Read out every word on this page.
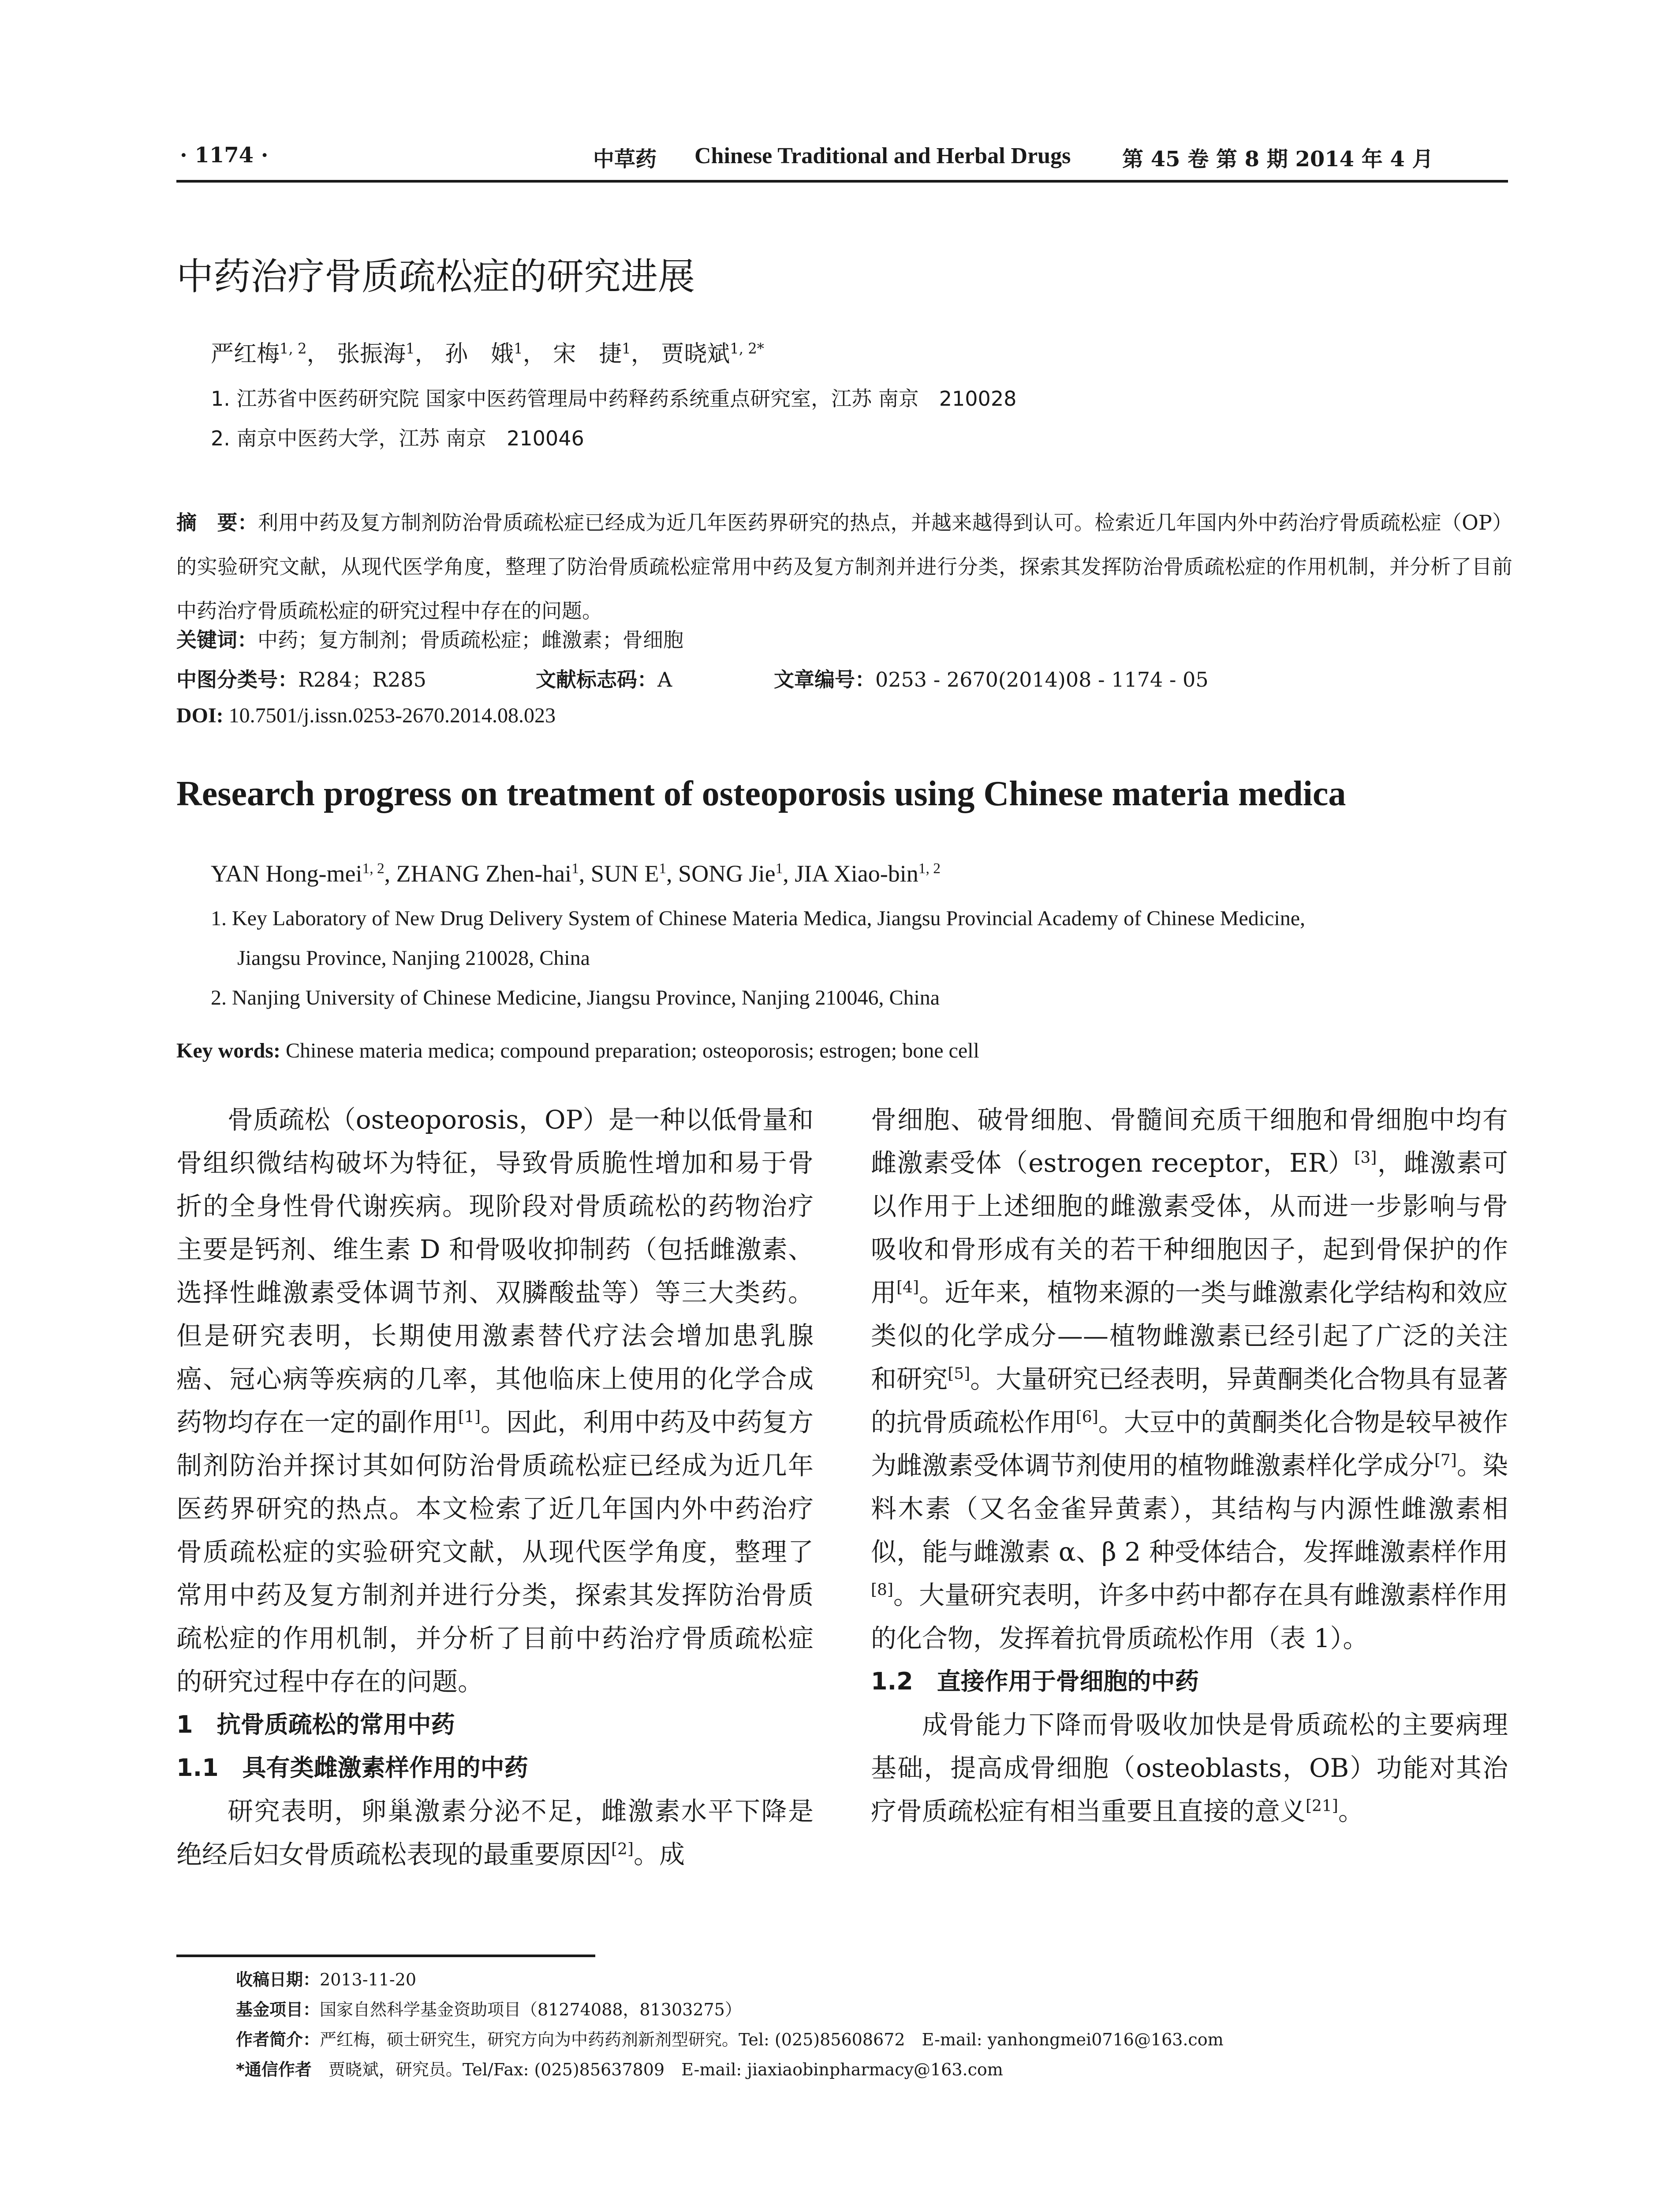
· 1174 ·	中草药 Chinese Traditional and Herbal Drugs 第 45 卷 第 8 期 2014 年 4 月
中药治疗骨质疏松症的研究进展
严红梅$^{1, 2}$， 张振海$^1$， 孙　娥$^1$， 宋　捷$^1$， 贾晓斌$^{1, 2*}$
1. 江苏省中医药研究院 国家中医药管理局中药释药系统重点研究室，江苏 南京　210028
2. 南京中医药大学，江苏 南京　210046
摘　要：利用中药及复方制剂防治骨质疏松症已经成为近几年医药界研究的热点，并越来越得到认可。检索近几年国内外中药治疗骨质疏松症（OP）的实验研究文献，从现代医学角度，整理了防治骨质疏松症常用中药及复方制剂并进行分类，探索其发挥防治骨质疏松症的作用机制，并分析了目前中药治疗骨质疏松症的研究过程中存在的问题。
关键词：中药；复方制剂；骨质疏松症；雌激素；骨细胞
中图分类号：R284；R285	文献标志码：A	文章编号：0253 - 2670(2014)08 - 1174 - 05
DOI: 10.7501/j.issn.0253-2670.2014.08.023
Research progress on treatment of osteoporosis using Chinese materia medica
YAN Hong-mei$^{1, 2}$, ZHANG Zhen-hai$^1$, SUN $E^1$, SONG Jie$^1$, JIA Xiao-bin$^{1, 2}$
1. Key Laboratory of New Drug Delivery System of Chinese Materia Medica, Jiangsu Provincial Academy of Chinese Medicine,
Jiangsu Province, Nanjing 210028, China
2. Nanjing University of Chinese Medicine, Jiangsu Province, Nanjing 210046, China
Key words: Chinese materia medica; compound preparation; osteoporosis; estrogen; bone cell

骨质疏松（osteoporosis，OP）是一种以低骨量和骨组织微结构破坏为特征，导致骨质脆性增加和易于骨折的全身性骨代谢疾病。现阶段对骨质疏松的药物治疗主要是钙剂、维生素 D 和骨吸收抑制药（包括雌激素、选择性雌激素受体调节剂、双膦酸盐等）等三大类药。但是研究表明，长期使用激素替代疗法会增加患乳腺癌、冠心病等疾病的几率，其他临床上使用的化学合成药物均存在一定的副作用[1]。因此，利用中药及中药复方制剂防治并探讨其如何防治骨质疏松症已经成为近几年医药界研究的热点。本文检索了近几年国内外中药治疗骨质疏松症的实验研究文献，从现代医学角度，整理了常用中药及复方制剂并进行分类，探索其发挥防治骨质疏松症的作用机制，并分析了目前中药治疗骨质疏松症的研究过程中存在的问题。

1　抗骨质疏松的常用中药
1.1　具有类雌激素样作用的中药

研究表明，卵巢激素分泌不足，雌激素水平下降是绝经后妇女骨质疏松表现的最重要原因[2]。成

骨细胞、破骨细胞、骨髓间充质干细胞和骨细胞中均有雌激素受体（estrogen receptor，ER）[3]，雌激素可以作用于上述细胞的雌激素受体，从而进一步影响与骨吸收和骨形成有关的若干种细胞因子，起到骨保护的作用[4]。近年来，植物来源的一类与雌激素化学结构和效应类似的化学成分——植物雌激素已经引起了广泛的关注和研究[5]。大量研究已经表明，异黄酮类化合物具有显著的抗骨质疏松作用[6]。大豆中的黄酮类化合物是较早被作为雌激素受体调节剂使用的植物雌激素样化学成分[7]。染料木素（又名金雀异黄素），其结构与内源性雌激素相似，能与雌激素 α、β 2 种受体结合，发挥雌激素样作用[8]。大量研究表明，许多中药中都存在具有雌激素样作用的化合物，发挥着抗骨质疏松作用（表 1）。

1.2　直接作用于骨细胞的中药

成骨能力下降而骨吸收加快是骨质疏松的主要病理基础，提高成骨细胞（osteoblasts，OB）功能对其治疗骨质疏松症有相当重要且直接的意义[21]。

收稿日期：2013-11-20
基金项目：国家自然科学基金资助项目（81274088，81303275）
作者简介：严红梅，硕士研究生，研究方向为中药药剂新剂型研究。Tel: (025)85608672　E-mail: yanhongmei0716@163.com
*通信作者　 贾晓斌，研究员。Tel/Fax: (025)85637809　E-mail: jiaxiaobinpharmacy@163.com
